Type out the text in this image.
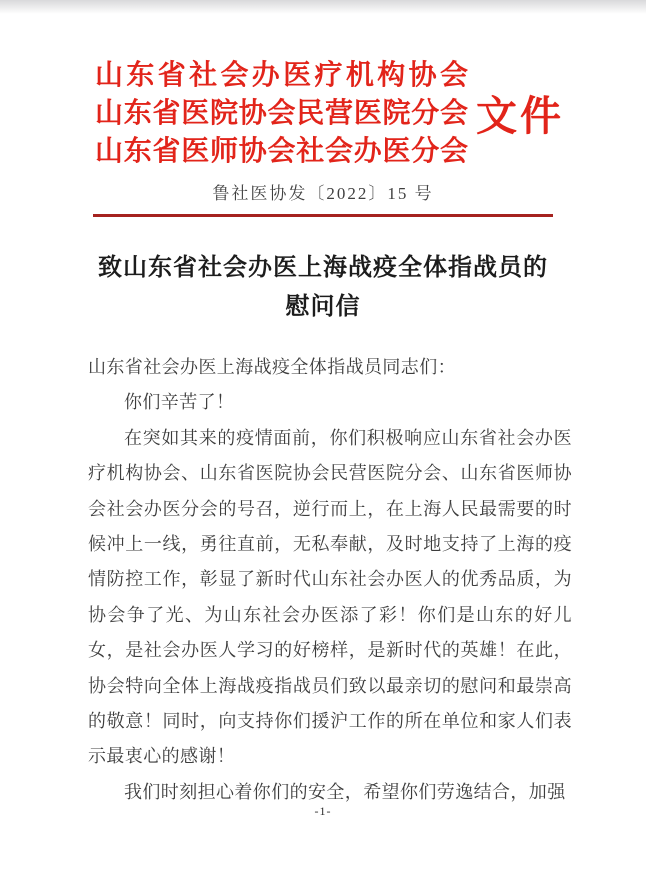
山东省社会办医疗机构协会
山东省医院协会民营医院分会
山东省医师协会社会办医分会
文件
鲁社医协发〔2022〕15 号
致山东省社会办医上海战疫全体指战员的
慰问信

山东省社会办医上海战疫全体指战员同志们：

你们辛苦了！

在突如其来的疫情面前，你们积极响应山东省社会办医疗机构协会、山东省医院协会民营医院分会、山东省医师协会社会办医分会的号召，逆行而上，在上海人民最需要的时候冲上一线，勇往直前，无私奉献，及时地支持了上海的疫情防控工作，彰显了新时代山东社会办医人的优秀品质，为协会争了光、为山东社会办医添了彩！你们是山东的好儿女，是社会办医人学习的好榜样，是新时代的英雄！在此，协会特向全体上海战疫指战员们致以最亲切的慰问和最崇高的敬意！同时，向支持你们援沪工作的所在单位和家人们表示最衷心的感谢！

我们时刻担心着你们的安全，希望你们劳逸结合，加强

-1-
